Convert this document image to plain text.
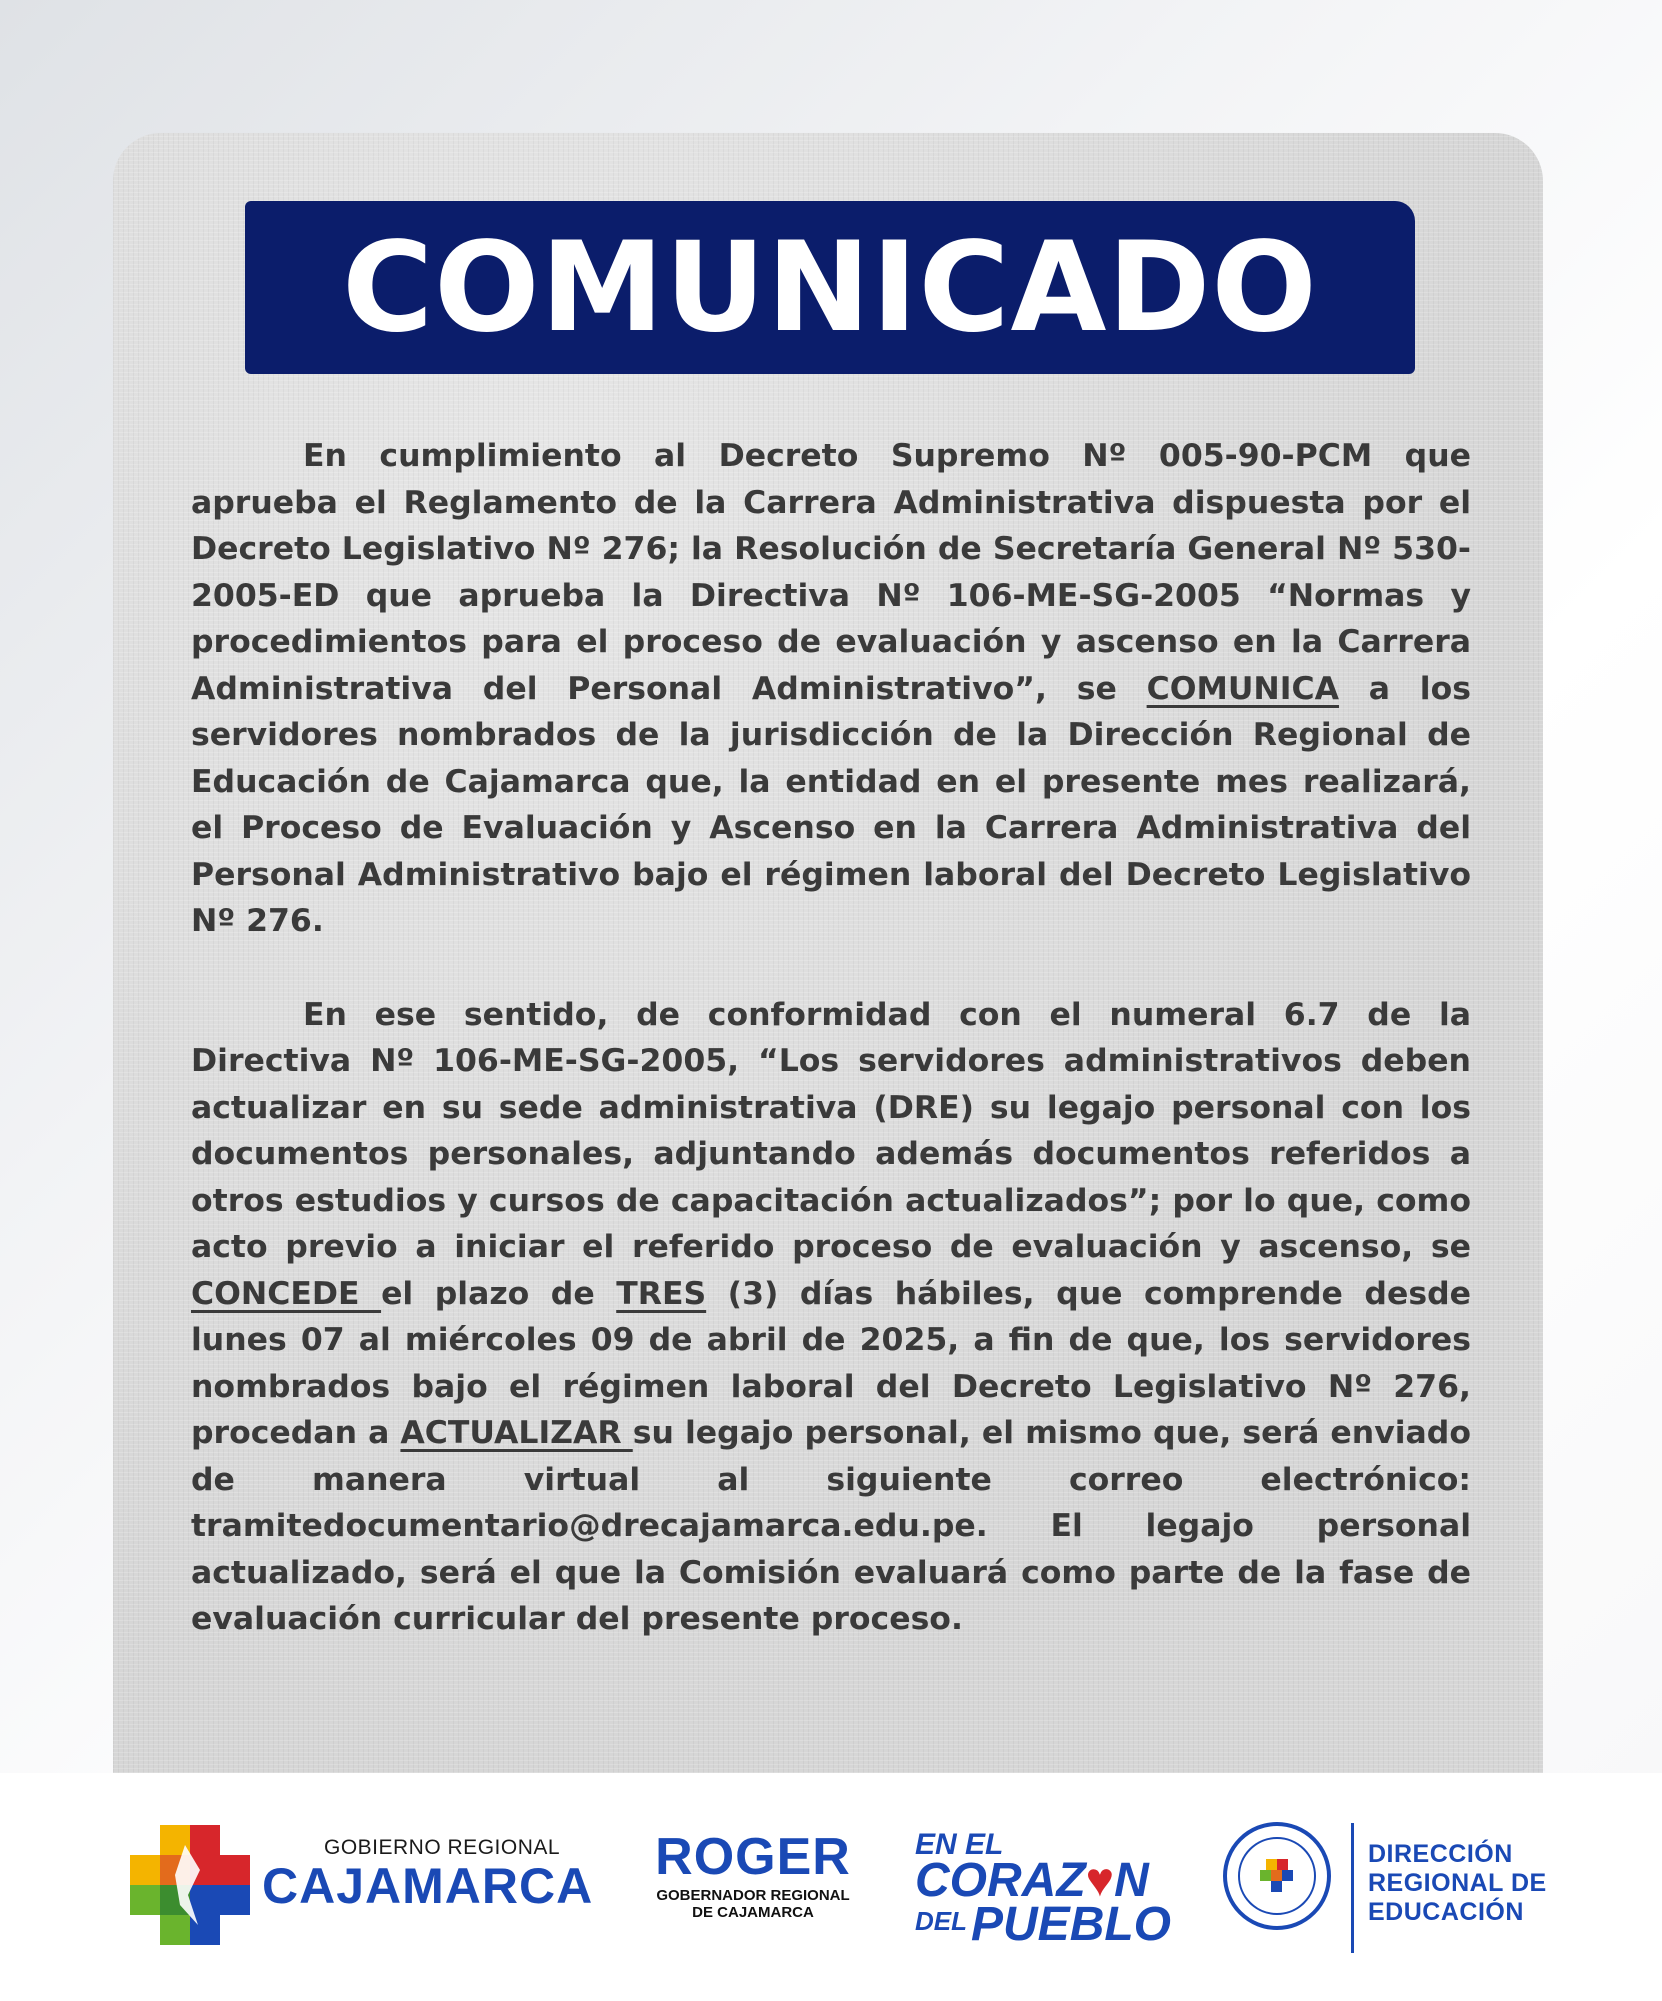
COMUNICADO

En cumplimiento al Decreto Supremo Nº 005-90-PCM que aprueba el Reglamento de la Carrera Administrativa dispuesta por el Decreto Legislativo Nº 276; la Resolución de Secretaría General Nº 530-2005-ED que aprueba la Directiva Nº 106-ME-SG-2005 “Normas y procedimientos para el proceso de evaluación y ascenso en la Carrera Administrativa del Personal Administrativo”, se COMUNICA a los servidores nombrados de la jurisdicción de la Dirección Regional de Educación de Cajamarca que, la entidad en el presente mes realizará, el Proceso de Evaluación y Ascenso en la Carrera Administrativa del Personal Administrativo bajo el régimen laboral del Decreto Legislativo Nº 276.

En ese sentido, de conformidad con el numeral 6.7 de la Directiva Nº 106-ME-SG-2005, “Los servidores administrativos deben actualizar en su sede administrativa (DRE) su legajo personal con los documentos personales, adjuntando además documentos referidos a otros estudios y cursos de capacitación actualizados”; por lo que, como acto previo a iniciar el referido proceso de evaluación y ascenso, se CONCEDE el plazo de TRES (3) días hábiles, que comprende desde lunes 07 al miércoles 09 de abril de 2025, a fin de que, los servidores nombrados bajo el régimen laboral del Decreto Legislativo Nº 276, procedan a ACTUALIZAR su legajo personal, el mismo que, será enviado de manera virtual al siguiente correo electrónico: tramitedocumentario@drecajamarca.edu.pe. El legajo personal actualizado, será el que la Comisión evaluará como parte de la fase de evaluación curricular del presente proceso.

GOBIERNO REGIONAL
CAJAMARCA ROGER
GOBERNADOR REGIONAL
DE CAJAMARCA
EN EL
CORAZ♥N
$^{DEL}$PUEBLO
DIRECCIÓN
REGIONAL DE
EDUCACIÓN
